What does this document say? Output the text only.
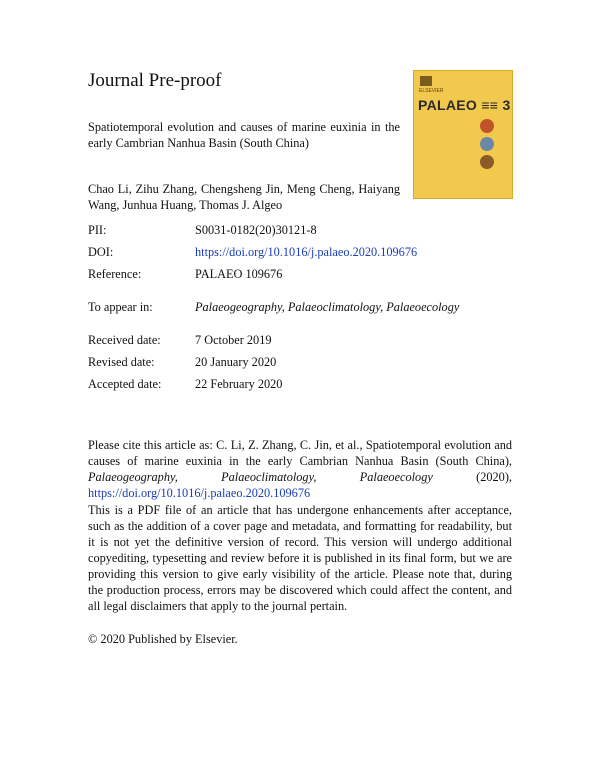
Journal Pre-proof
Spatiotemporal evolution and causes of marine euxinia in the early Cambrian Nanhua Basin (South China)
Chao Li, Zihu Zhang, Chengsheng Jin, Meng Cheng, Haiyang Wang, Junhua Huang, Thomas J. Algeo
ELSEVIER
PALAEO ≡≡ 3
PII:	S0031-0182(20)30121-8
DOI:	https://doi.org/10.1016/j.palaeo.2020.109676
Reference:	PALAEO 109676
To appear in:	Palaeogeography, Palaeoclimatology, Palaeoecology
Received date:	7 October 2019
Revised date:	20 January 2020
Accepted date:	22 February 2020
Please cite this article as: C. Li, Z. Zhang, C. Jin, et al., Spatiotemporal evolution and causes of marine euxinia in the early Cambrian Nanhua Basin (South China), Palaeogeography, Palaeoclimatology, Palaeoecology	(2020), https://doi.org/10.1016/j.palaeo.2020.109676
This is a PDF file of an article that has undergone enhancements after acceptance, such as the addition of a cover page and metadata, and formatting for readability, but it is not yet the definitive version of record. This version will undergo additional copyediting, typesetting and review before it is published in its final form, but we are providing this version to give early visibility of the article. Please note that, during the production process, errors may be discovered which could affect the content, and all legal disclaimers that apply to the journal pertain.
© 2020 Published by Elsevier.
